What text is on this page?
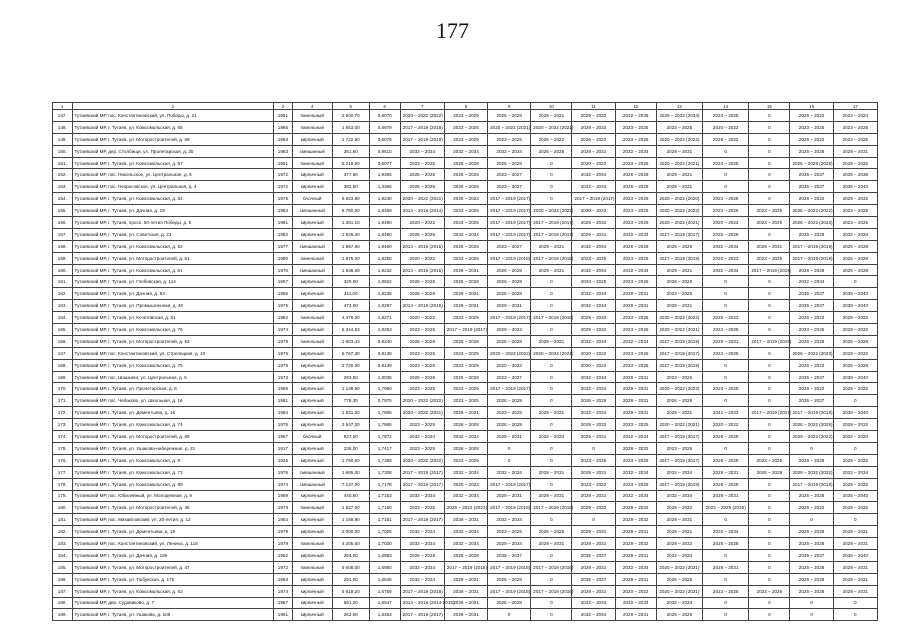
177
1	2	3	4	5	6	7	8	9	10	11	12	13	14	15	16	17
147.	Тутаевский МР, пос. Константиновский, ул. Победы, д. 21	1981	панельный	2 500,70	0,8070	2020 – 2022 (2022)	2023 – 2025	2026 – 2028	2029 – 2031	2029 – 2032	2032 – 2035	2029 – 2032 (2034)	2023 – 2025	0	2026 – 2022	2023 – 2024
148.	Тутаевский МР, г. Тутаев, ул. Комсомольская, д. 65	1966	панельный	1 653,00	0,8979	2017 – 2019 (2018)	2023 – 2025	2020 – 2022 (2021)	2020 – 2022 (2021)	2029 – 2032	2023 – 2025	2023 – 2025	2020 – 2022	0	2023 – 2025	2023 – 2025
149.	Тутаевский МР, г. Тутаев, ул. Моторостроителей, д. 59	1963	кирпичный	1 722,60	0,6075	2017 – 2019 (2018)	2023 – 2025	2023 – 2025	2026 – 2022	2026 – 2022	2023 – 2025	2020 – 2022 (2022)	2026 – 2022	0	2026 – 2022	2023 – 2025
150.	Тутаевский МР, дер. Столбищи, ул. Пролетарская, д. 30	1983	смешанный	361,50	0,9610	2032 – 2034	2032 – 2034	2032 – 2034	2026 – 2028	2029 – 2031	2032 – 2034	2029 – 2031	0	0	2026 – 2028	2029 – 2031
151.	Тутаевский МР, г. Тутаев, ул. Комсомольская, д. 57	1961	панельный	5 219,60	0,6077	2023 – 2025	2026 – 2028	2026 – 2028	0	2020 – 2022	2023 – 2025	2020 – 2022 (2021)	2023 – 2025	0	2026 – 2028 (2028)	2029 – 2032
152.	Тутаевский МР, пос. Никольское, ул. Центральная, д. 6	1972	кирпичный	377,80	1,9365	2026 – 2028	2026 – 2028	2023 – 2027	0	2032 – 2034	2026 – 2028	2029 – 2031	0	0	2035 – 2037	2035 – 2038
153.	Тутаевский МР, пос. Некрасовское, ул. Центральная, д. 4	1972	кирпичный	383,50	1,3365	2026 – 2028	2026 – 2028	2023 – 2027	0	2032 – 2034	2026 – 2028	2029 – 2031	0	0	2035 – 2037	2035 – 2040
154.	Тутаевский МР, г. Тутаев, ул. Комсомольская, д. 64	1975	блочный	6 923,80	1,8240	2020 – 2022 (2021)	2020 – 2022	2017 – 2019 (2017)	0	2017 – 2019 (2017)	2023 – 2025	2020 – 2022 (2020)	2023 – 2025	0	2026 – 2022	2029 – 2032
155.	Тутаевский МР, г. Тутаев, ул. Дачная, д. 19	1983	смешанный	6 750,00	1,8469	2014 – 2016 (2014)	2023 – 2025	2017 – 2019 (2017)	2020 – 2022 (2022)	2020 – 2022	2023 – 2025	2020 – 2022 (2022)	2023 – 2025	2023 – 2025	2026 – 2022 (2022)	2023 – 2025
156.	Тутаевский МР, г. Тутаев, просп. 50-летия Победы, д. 5	1981	кирпичный	1 361,10	1,8490	2020 – 2022	2023 – 2025	2017 – 2019 (2017)	2017 – 2019 (2017)	2029 – 2032	2023 – 2025	2020 – 2022 (2021)	2020 – 2022	2023 – 2025	2026 – 2022 (2023)	2023 – 2025
157.	Тутаевский МР, г. Тутаев, ул. Советская, д. 21	1982	кирпичный	1 825,40	1,8490	2026 – 2028	2032 – 2034	2017 – 2019 (2017)	2017 – 2019 (2017)	2029 – 2031	2032 – 2034	2017 – 2019 (2017)	2026 – 2028	0	2026 – 2028	2032 – 2034
158.	Тутаевский МР, г. Тутаев, ул. Комсомольская, д. 62	1977	смешанный	1 567,60	1,8460	2014 – 2016 (2015)	2026 – 2028	2023 – 2027	2029 – 2031	2032 – 2034	2026 – 2028	2026 – 2028	2032 – 2034	2029 – 2031	2017 – 2019 (2019)	2026 – 2028
159.	Тутаевский МР, г. Тутаев, ул. Моторостроителей, д. 51	1980	панельный	1 875,00	1,8250	2020 – 2022	2023 – 2025	2017 – 2019 (2018)	2017 – 2019 (2018)	2023 – 2025	2023 – 2025	2017 – 2019 (2019)	2020 – 2022	2023 – 2025	2017 – 2019 (2019)	2026 – 2028
160.	Тутаевский МР, г. Тутаев, ул. Комсомольская, д. 61	1970	смешанный	1 838,00	1,8232	2014 – 2016 (2016)	2029 – 2031	2026 – 2028	2029 – 2031	2032 – 2034	2032 – 2034	2029 – 2031	2032 – 2034	2017 – 2019 (2019)	2026 – 2028	2026 – 2028
161.	Тутаевский МР, г. Тутаев, ул. Глебовская, д. 114	1957	кирпичный	320,00	1,8822	2026 – 2028	2026 – 2028	2026 – 2028	0	2023 – 2025	2023 – 2025	2026 – 2028	0	0	2032 – 2034	0
162.	Тутаевский МР, г. Тутаев, ул. Дачная, д. 93	1966	кирпичный	311,00	1,8236	2026 – 2028	2029 – 2031	2026 – 2028	0	2032 – 2034	2029 – 2031	2023 – 2025	0	0	2035 – 2037	2038 – 2040
163.	Тутаевский МР, г. Тутаев, ул. Промышленная, д. 40	1975	кирпичный	473,00	1,8297	2014 – 2016 (2016)	2029 – 2031	2029 – 2031	0	2032 – 2034	2029 – 2031	2029 – 2031	0	0	2035 – 2037	2038 – 2040
164.	Тутаевский МР, г. Тутаев, ул. Кочетовская, д. 81	1982	панельный	4 478,00	1,8271	2020 – 2022	2023 – 2025	2017 – 2019 (2017)	2017 – 2019 (2018)	2029 – 2032	2023 – 2025	2020 – 2022 (2022)	2026 – 2022	0	2026 – 2022	2029 – 2032
165.	Тутаевский МР, г. Тутаев, ул. Комсомольская, д. 76	1974	кирпичный	5 344,53	1,8253	2023 – 2025	2017 – 2019 (2017)	2029 – 2022	0	2029 – 2032	2023 – 2025	2020 – 2022 (2021)	2023 – 2025	0	2023 – 2025	2029 – 2032
166.	Тутаевский МР, г. Тутаев, ул. Моторостроителей, д. 52	1979	панельный	1 803,43	0,8240	2026 – 2028	2026 – 2028	2026 – 2028	2029 – 2031	2032 – 2034	2032 – 2034	2017 – 2019 (2019)	2029 – 2031	2017 – 2019 (2019)	2026 – 2028	2026 – 2028
167.	Тутаевский МР, пос. Константиновский, ул. Стрелецкая, д. 10	1976	кирпичный	5 767,30	0,8138	2023 – 2025	2023 – 2025	2020 – 2022 (2022)	2020 – 2022 (2021)	2020 – 2022	2023 – 2025	2017 – 2019 (2017)	2023 – 2025	0	2026 – 2022 (2023)	2029 – 2032
168.	Тутаевский МР, г. Тутаев, ул. Комсомольская, д. 75	1976	кирпичный	2 720,00	0,8139	2023 – 2025	2023 – 2025	2020 – 2022	0	2020 – 2022	2023 – 2025	2017 – 2019 (2019)	0	0	2026 – 2022	2026 – 2028
169.	Тутаевский МР, пос. Шашково, ул. Центральная, д. 5	1973	кирпичный	283,50	1,8035	2026 – 2028	2026 – 2028	2023 – 2027	0	2032 – 2034	2029 – 2031	2023 – 2025	0	0	2035 – 2037	2038 – 2040
170.	Тутаевский МР, г. Тутаев, ул. Пролетарская, д. 8	1969	кирпичный	1 138,60	1,7960	2023 – 2025	2023 – 2025	2017 – 2019 (2017)	0	2032 – 2034	2029 – 2031	2020 – 2022 (2022)	2023 – 2025	0	2026 – 2022	2029 – 2032
171.	Тутаевский МР, пос. Чебаково, ул. Школьная, д. 16	1981	кирпичный	775,35	0,7875	2020 – 2022 (2022)	2023 – 2025	2026 – 2028	0	2026 – 2028	2029 – 2031	2026 – 2028	0	0	2035 – 2037	0
172.	Тутаевский МР, г. Тутаев, ул. Дементьева, д. 16	1984	кирпичный	1 831,00	1,7865	2020 – 2022 (2021)	2029 – 2031	2023 – 2025	2029 – 2031	2032 – 2034	2029 – 2031	2029 – 2031	2041 – 2043	2017 – 2019 (2017)	2017 – 2019 (2019)	2038 – 2040
173.	Тутаевский МР, г. Тутаев, ул. Комсомольская, д. 74	1975	кирпичный	3 647,00	1,7865	2023 – 2025	2026 – 2028	2026 – 2028	0	2029 – 2032	2023 – 2025	2020 – 2022 (2021)	2020 – 2022	0	2026 – 2022 (2025)	2029 – 2032
174.	Тутаевский МР, г. Тутаев, ул. Моторостроителей, д. 65	1967	блочный	927,50	1,7872	2032 – 2034	2032 – 2034	2029 – 2031	2032 – 2034	2029 – 2031	2032 – 2034	2017 – 2019 (2017)	2026 – 2028	0	2029 – 2022 (2022)	2032 – 2034
175.	Тутаевский МР, г. Тутаев, ул. Ушакова-набережная, д. 21	1917	кирпичный	236,00	1,7417	2023 – 2025	2026 – 2028	0	0	0	2029 – 2032	2023 – 2025	0	0	0	0
176.	Тутаевский МР, г. Тутаев, ул. Комсомольская, д. 8	1926	кирпичный	1 750,60	1,7369	2020 – 2022 (2022)	2023 – 2025	0	0	2023 – 2025	2023 – 2025	2017 – 2019 (2017)	2026 – 2028	2023 – 2025	2026 – 2028	2029 – 2032
177.	Тутаевский МР, г. Тутаев, ул. Комсомольская, д. 73	1976	смешанный	1 685,00	1,7308	2017 – 2019 (2017)	2032 – 2034	2032 – 2034	2029 – 2031	2029 – 2031	2032 – 2034	2032 – 2034	2029 – 2031	2026 – 2028	2029 – 2032 (2032)	2032 – 2034
178.	Тутаевский МР, г. Тутаев, ул. Комсомольская, д. 89	1974	смешанный	7 127,00	1,7178	2017 – 2019 (2017)	2020 – 2022	2017 – 2019 (2017)	0	2023 – 2022	2023 – 2025	2017 – 2019 (2019)	2026 – 2028	0	2017 – 2019 (2019)	2029 – 2032
179.	Тутаевский МР, пос. Юбилейный, ул. Молодёжная, д. 9	1959	кирпичный	440,50	1,7153	2032 – 2034	2032 – 2034	2029 – 2031	2029 – 2031	2029 – 2031	2032 – 2034	2032 – 2034	2029 – 2031	0	2026 – 2028	2035 – 2040
180.	Тутаевский МР, г. Тутаев, ул. Моторостроителей, д. 48	1973	панельный	1 827,00	1,7180	2023 – 2025	2026 – 2022 (2023)	2017 – 2019 (2018)	2017 – 2019 (2018)	2029 – 2032	2029 – 2032	2029 – 2032	2023 – 2025 (2025)	0	2026 – 2022	2029 – 2032
181.	Тутаевский МР, пос. Михайловский, ул. 20-летия, д. 12	1954	кирпичный	1 169,90	1,7161	2017 – 2019 (2017)	2029 – 2031	2032 – 2034	0	0	2029 – 2032	2029 – 2031	0	0	0	0
182.	Тутаевский МР, г. Тутаев, ул. Дементьева, д. 19	1979	кирпичный	2 000,00	1,7025	2032 – 2034	2032 – 2034	2023 – 2025	2026 – 2028	2029 – 2031	2029 – 2031	2029 – 2031	2032 – 2034	0	2026 – 2028	2029 – 2031
183.	Тутаевский МР, пос. Константиновский, ул. Ленина, д. 116	1979	панельный	4 205,60	1,7020	2032 – 2034	2032 – 2034	2029 – 2034	2029 – 2031	2029 – 2031	2029 – 2032	2029 – 2032	2026 – 2028	0	2026 – 2028	2029 – 2031
184.	Тутаевский МР, г. Тутаев, ул. Дачная, д. 156	1962	кирпичный	264,00	1,6983	2026 – 2028	2026 – 2028	2035 – 2037	0	2035 – 2037	2029 – 2031	2032 – 2034	0	0	2035 – 2037	2038 – 2040
185.	Тутаевский МР, г. Тутаев, ул. Моторостроителей, д. 47	1972	панельный	5 608,00	1,6950	2032 – 2034	2017 – 2019 (2018)	2017 – 2019 (2018)	2017 – 2019 (2018)	2029 – 2031	2032 – 2034	2020 – 2022 (2021)	2029 – 2031	0	2026 – 2028	2029 – 2031
186.	Тутаевский МР, г. Тутаев, ул. Тюбукская, д. 175	1983	кирпичный	291,00	1,6645	2032 – 2034	2029 – 2031	2026 – 2028	0	2035 – 2037	2029 – 2031	2026 – 2028	0	0	2026 – 2028	2029 – 2031
187.	Тутаевский МР, г. Тутаев, ул. Комсомольская, д. 63	1974	кирпичный	5 819,20	1,6756	2017 – 2019 (2018)	2029 – 2031	2017 – 2019 (2018)	2017 – 2019 (2018)	2029 – 2031	2020 – 2022	2020 – 2022 (2021)	2023 – 2025	2023 – 2025	2026 – 2028	2029 – 2031
188.	Тутаевский МР, дер. Судовиково, д. 7	1987	кирпичный	561,20	1,6547	2014 – 2016 (2014-2015)	2029 – 2031	2026 – 2028	0	2032 – 2034	2032 – 2034	2032 – 2034	0	0	0	0
189.	Тутаевский МР, г. Тутаев, ул. Ушакова, д. 106	1951	кирпичный	262,00	1,6483	2017 – 2019 (2017)	2029 – 2031	0	0	2032 – 2034	2029 – 2031	2026 – 2028	0	0	0	0
